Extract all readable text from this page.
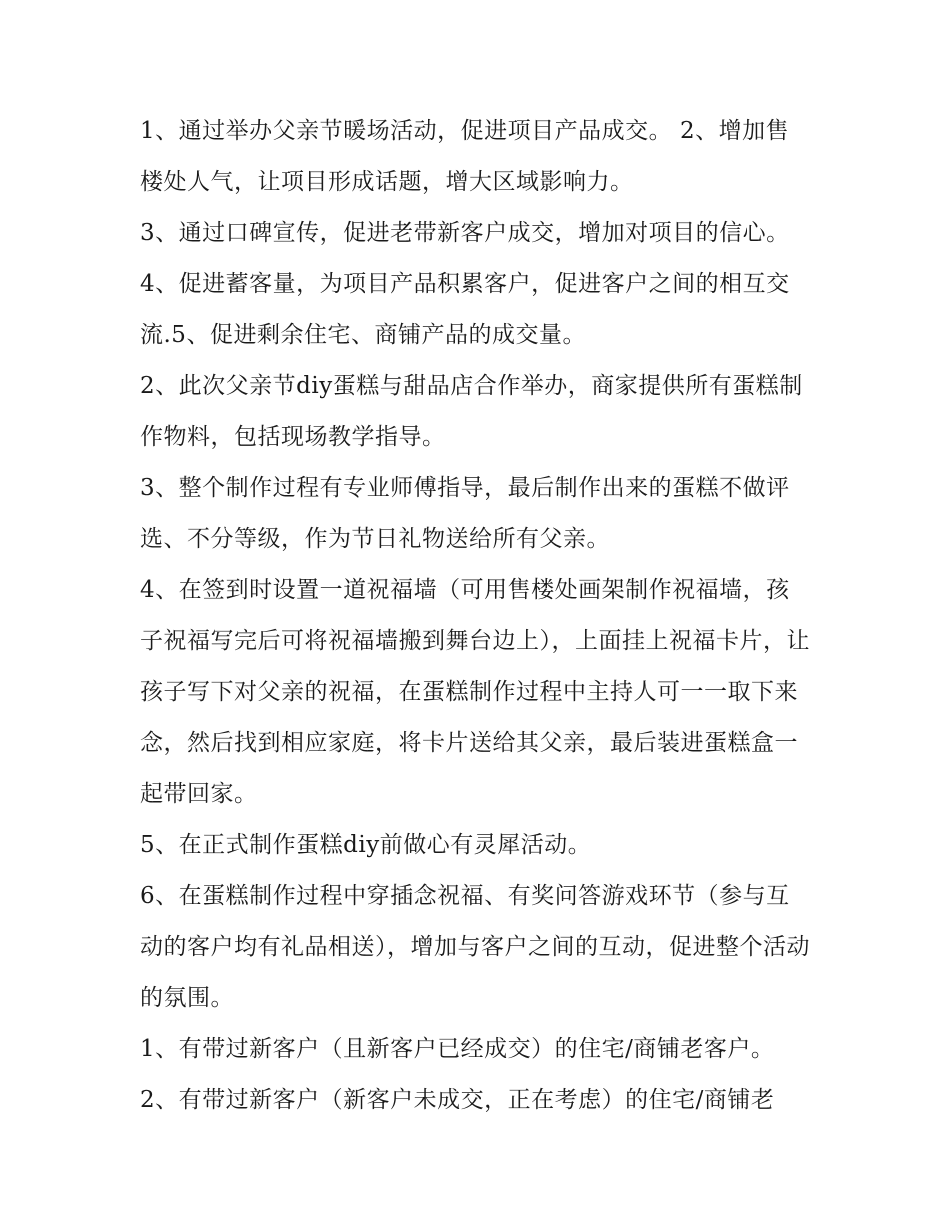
1、通过举办父亲节暖场活动，促进项目产品成交。 2、增加售楼处人气，让项目形成话题，增大区域影响力。

3、通过口碑宣传，促进老带新客户成交，增加对项目的信心。 4、促进蓄客量，为项目产品积累客户，促进客户之间的相互交流.5、促进剩余住宅、商铺产品的成交量。

2、此次父亲节diy蛋糕与甜品店合作举办，商家提供所有蛋糕制作物料，包括现场教学指导。

3、整个制作过程有专业师傅指导，最后制作出来的蛋糕不做评选、不分等级，作为节日礼物送给所有父亲。

4、在签到时设置一道祝福墙（可用售楼处画架制作祝福墙，孩子祝福写完后可将祝福墙搬到舞台边上），上面挂上祝福卡片，让孩子写下对父亲的祝福，在蛋糕制作过程中主持人可一一取下来念，然后找到相应家庭，将卡片送给其父亲，最后装进蛋糕盒一起带回家。

5、在正式制作蛋糕diy前做心有灵犀活动。

6、在蛋糕制作过程中穿插念祝福、有奖问答游戏环节（参与互动的客户均有礼品相送），增加与客户之间的互动，促进整个活动的氛围。

1、有带过新客户（且新客户已经成交）的住宅/商铺老客户。

2、有带过新客户（新客户未成交，正在考虑）的住宅/商铺老
